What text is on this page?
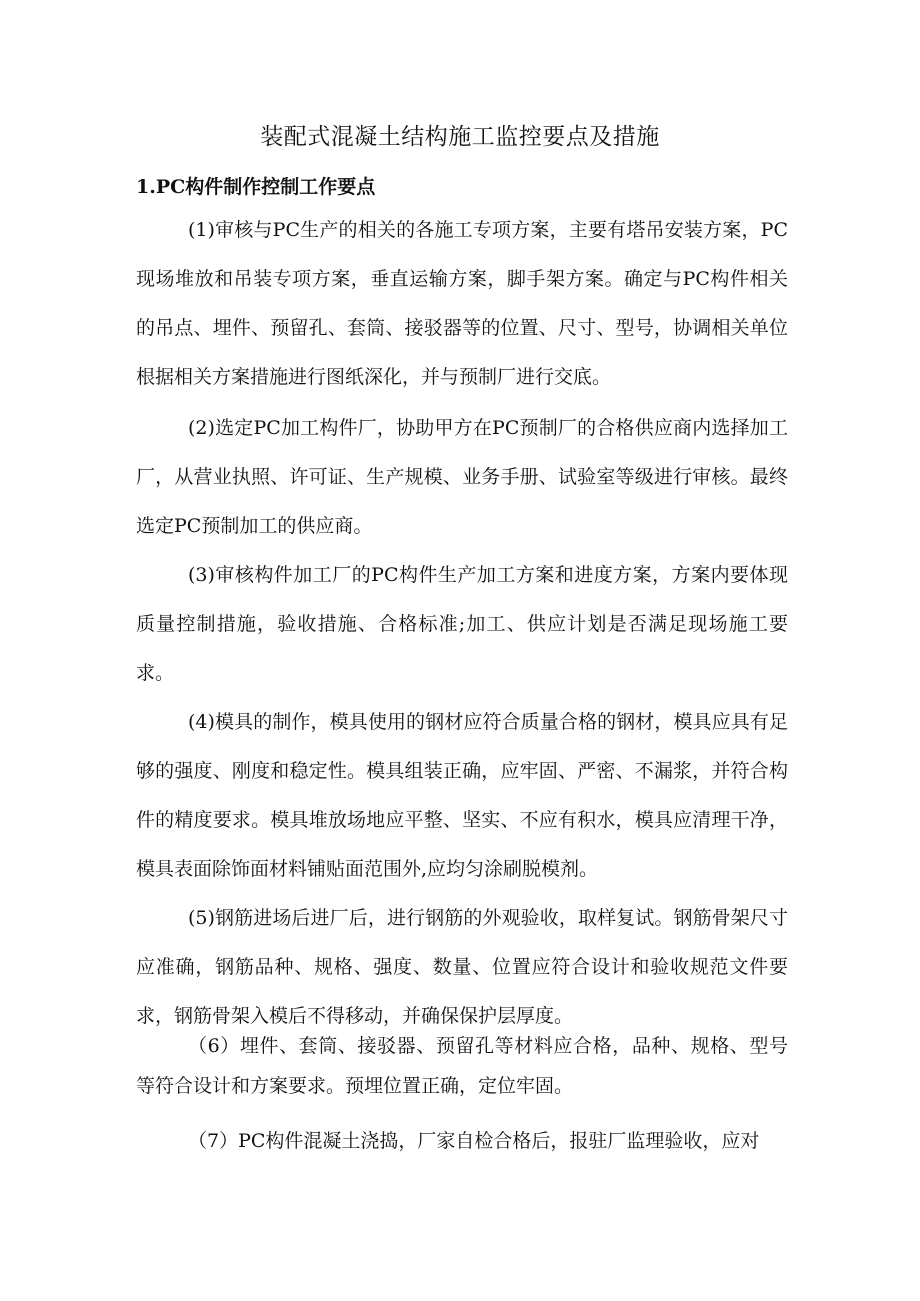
装配式混凝土结构施工监控要点及措施
1.PC构件制作控制工作要点

(1)审核与PC生产的相关的各施工专项方案，主要有塔吊安装方案，PC现场堆放和吊装专项方案，垂直运输方案，脚手架方案。确定与PC构件相关的吊点、埋件、预留孔、套筒、接驳器等的位置、尺寸、型号，协调相关单位根据相关方案措施进行图纸深化，并与预制厂进行交底。

(2)选定PC加工构件厂，协助甲方在PC预制厂的合格供应商内选择加工厂，从营业执照、许可证、生产规模、业务手册、试验室等级进行审核。最终选定PC预制加工的供应商。

(3)审核构件加工厂的PC构件生产加工方案和进度方案，方案内要体现质量控制措施，验收措施、合格标准;加工、供应计划是否满足现场施工要求。

(4)模具的制作，模具使用的钢材应符合质量合格的钢材，模具应具有足够的强度、刚度和稳定性。模具组装正确，应牢固、严密、不漏浆，并符合构件的精度要求。模具堆放场地应平整、坚实、不应有积水，模具应清理干净，模具表面除饰面材料铺贴面范围外,应均匀涂刷脱模剂。

(5)钢筋进场后进厂后，进行钢筋的外观验收，取样复试。钢筋骨架尺寸应准确，钢筋品种、规格、强度、数量、位置应符合设计和验收规范文件要求，钢筋骨架入模后不得移动，并确保保护层厚度。

（6）埋件、套筒、接驳器、预留孔等材料应合格，品种、规格、型号等符合设计和方案要求。预埋位置正确，定位牢固。

（7）PC构件混凝土浇捣，厂家自检合格后，报驻厂监理验收，应对
